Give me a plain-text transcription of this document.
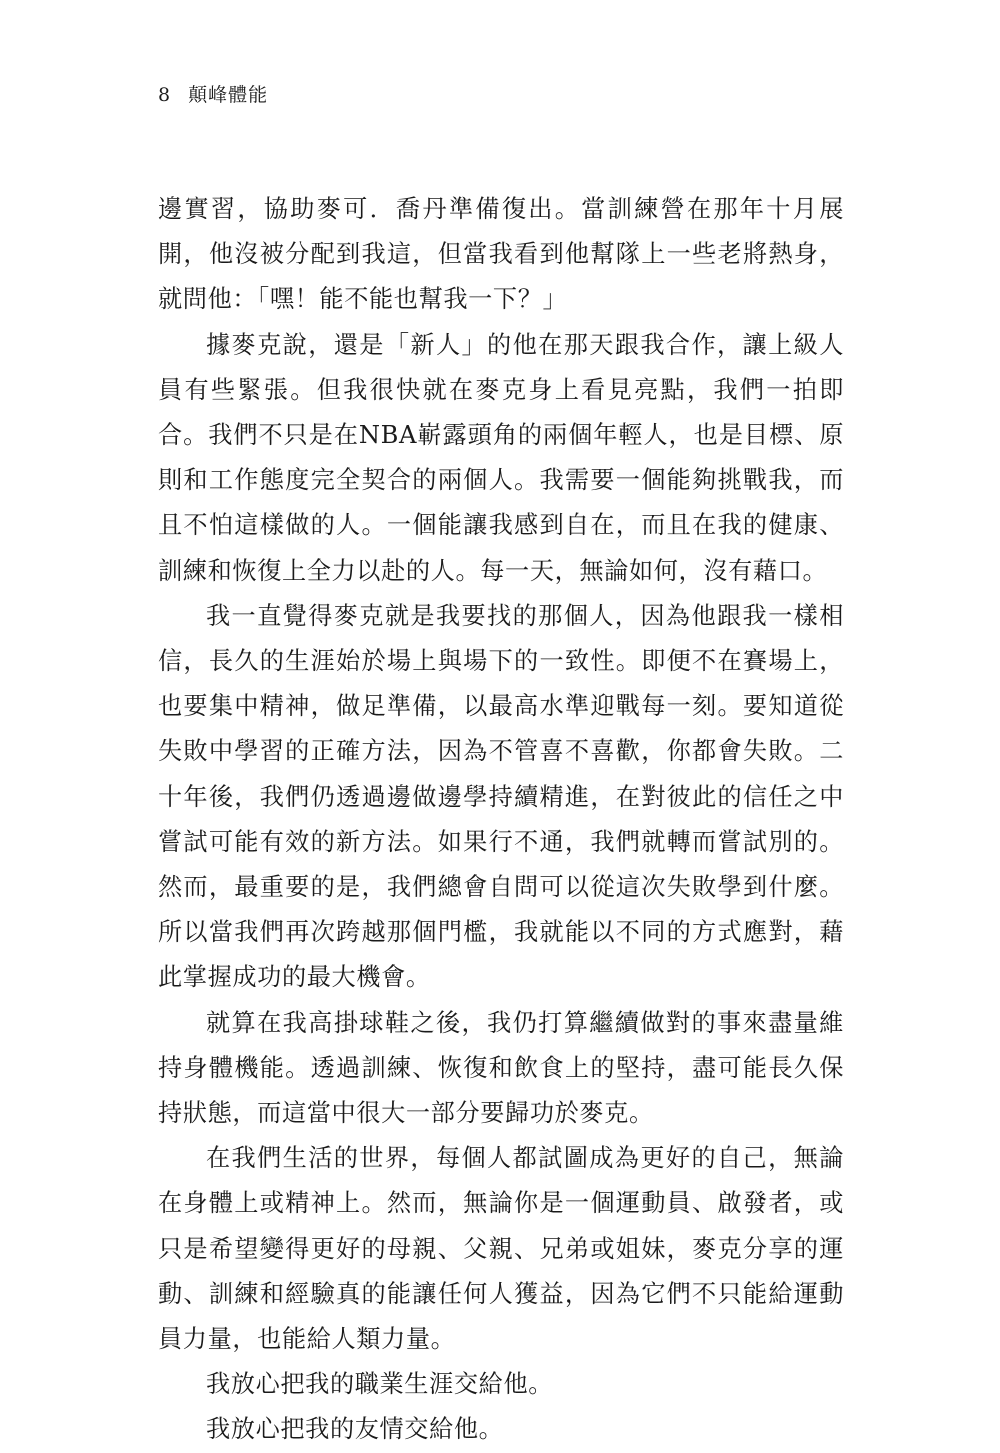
8 顛峰體能

邊實習，協助麥可．喬丹準備復出。當訓練營在那年十月展開，他沒被分配到我這，但當我看到他幫隊上一些老將熱身，就問他：「嘿！能不能也幫我一下？」

據麥克說，還是「新人」的他在那天跟我合作，讓上級人員有些緊張。但我很快就在麥克身上看見亮點，我們一拍即合。我們不只是在NBA嶄露頭角的兩個年輕人，也是目標、原則和工作態度完全契合的兩個人。我需要一個能夠挑戰我，而且不怕這樣做的人。一個能讓我感到自在，而且在我的健康、訓練和恢復上全力以赴的人。每一天，無論如何，沒有藉口。

我一直覺得麥克就是我要找的那個人，因為他跟我一樣相信，長久的生涯始於場上與場下的一致性。即便不在賽場上，也要集中精神，做足準備，以最高水準迎戰每一刻。要知道從失敗中學習的正確方法，因為不管喜不喜歡，你都會失敗。二十年後，我們仍透過邊做邊學持續精進，在對彼此的信任之中嘗試可能有效的新方法。如果行不通，我們就轉而嘗試別的。然而，最重要的是，我們總會自問可以從這次失敗學到什麼。所以當我們再次跨越那個門檻，我就能以不同的方式應對，藉此掌握成功的最大機會。

就算在我高掛球鞋之後，我仍打算繼續做對的事來盡量維持身體機能。透過訓練、恢復和飲食上的堅持，盡可能長久保持狀態，而這當中很大一部分要歸功於麥克。

在我們生活的世界，每個人都試圖成為更好的自己，無論在身體上或精神上。然而，無論你是一個運動員、啟發者，或只是希望變得更好的母親、父親、兄弟或姐妹，麥克分享的運動、訓練和經驗真的能讓任何人獲益，因為它們不只能給運動員力量，也能給人類力量。

我放心把我的職業生涯交給他。

我放心把我的友情交給他。
